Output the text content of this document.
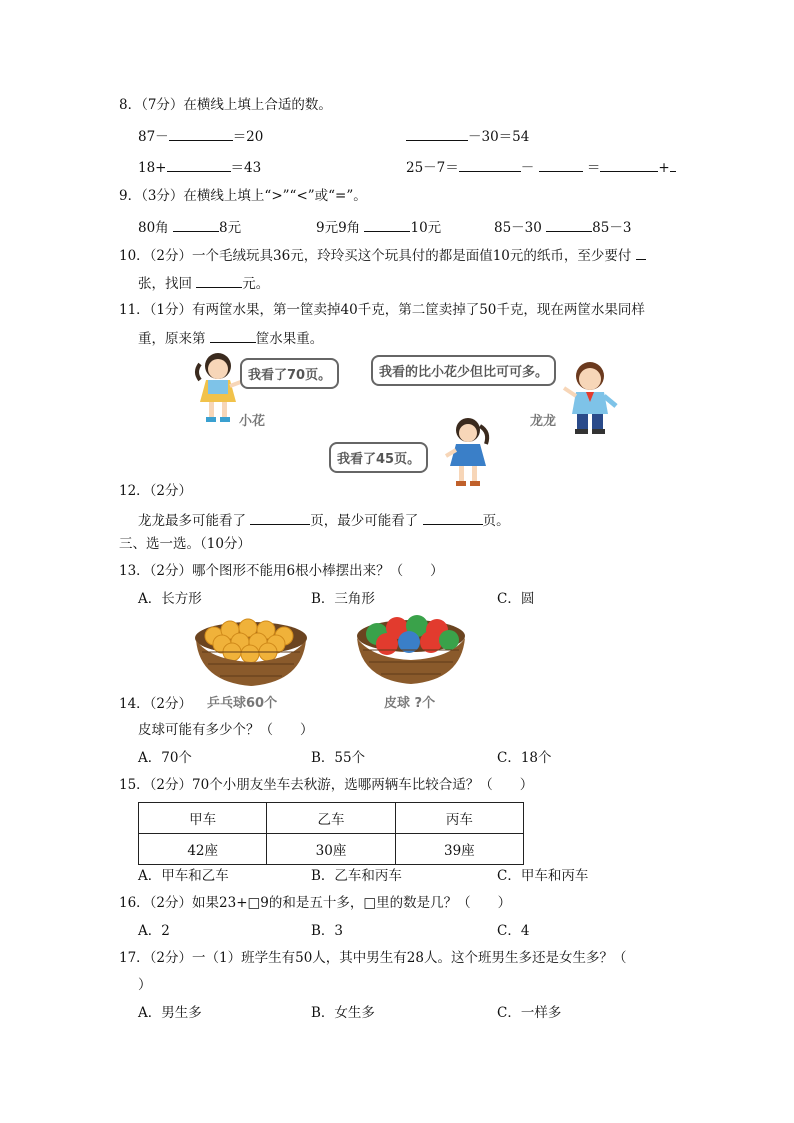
8．（7分）在横线上填上合适的数。
87－	＝20	－30＝54
18+	＝43	25－7＝	－	＝	+
9．（3分）在横线上填上“>”“<”或“=”。
80角	8元	9元9角	10元	85－30	85－3
10．（2分）一个毛绒玩具36元，玲玲买这个玩具付的都是面值10元的纸币，至少要付
张，找回	元。
11．（1分）有两筐水果，第一筐卖掉40千克，第二筐卖掉了50千克，现在两筐水果同样
重，原来第	筐水果重。
我看了70页。
小花
我看的比小花少但比可可多。
龙龙
我看了45页。
12．（2分）
龙龙最多可能看了	页，最少可能看了	页。
三、选一选。（10分）
13．（2分）哪个图形不能用6根小棒摆出来？（　　）
A．长方形	B．三角形	C．圆
乒乓球60个	皮球 ?个
14．（2分）
皮球可能有多少个？（　　）
A．70个	B．55个	C．18个
15．（2分）70个小朋友坐车去秋游，选哪两辆车比较合适？（　　）
甲车	乙车	丙车
42座	30座	39座
A．甲车和乙车	B．乙车和丙车	C．甲车和丙车
16．（2分）如果23+□9的和是五十多，□里的数是几？（　　）
A．2	B．3	C．4
17．（2分）一（1）班学生有50人，其中男生有28人。这个班男生多还是女生多？（
）
A．男生多	B．女生多	C．一样多
